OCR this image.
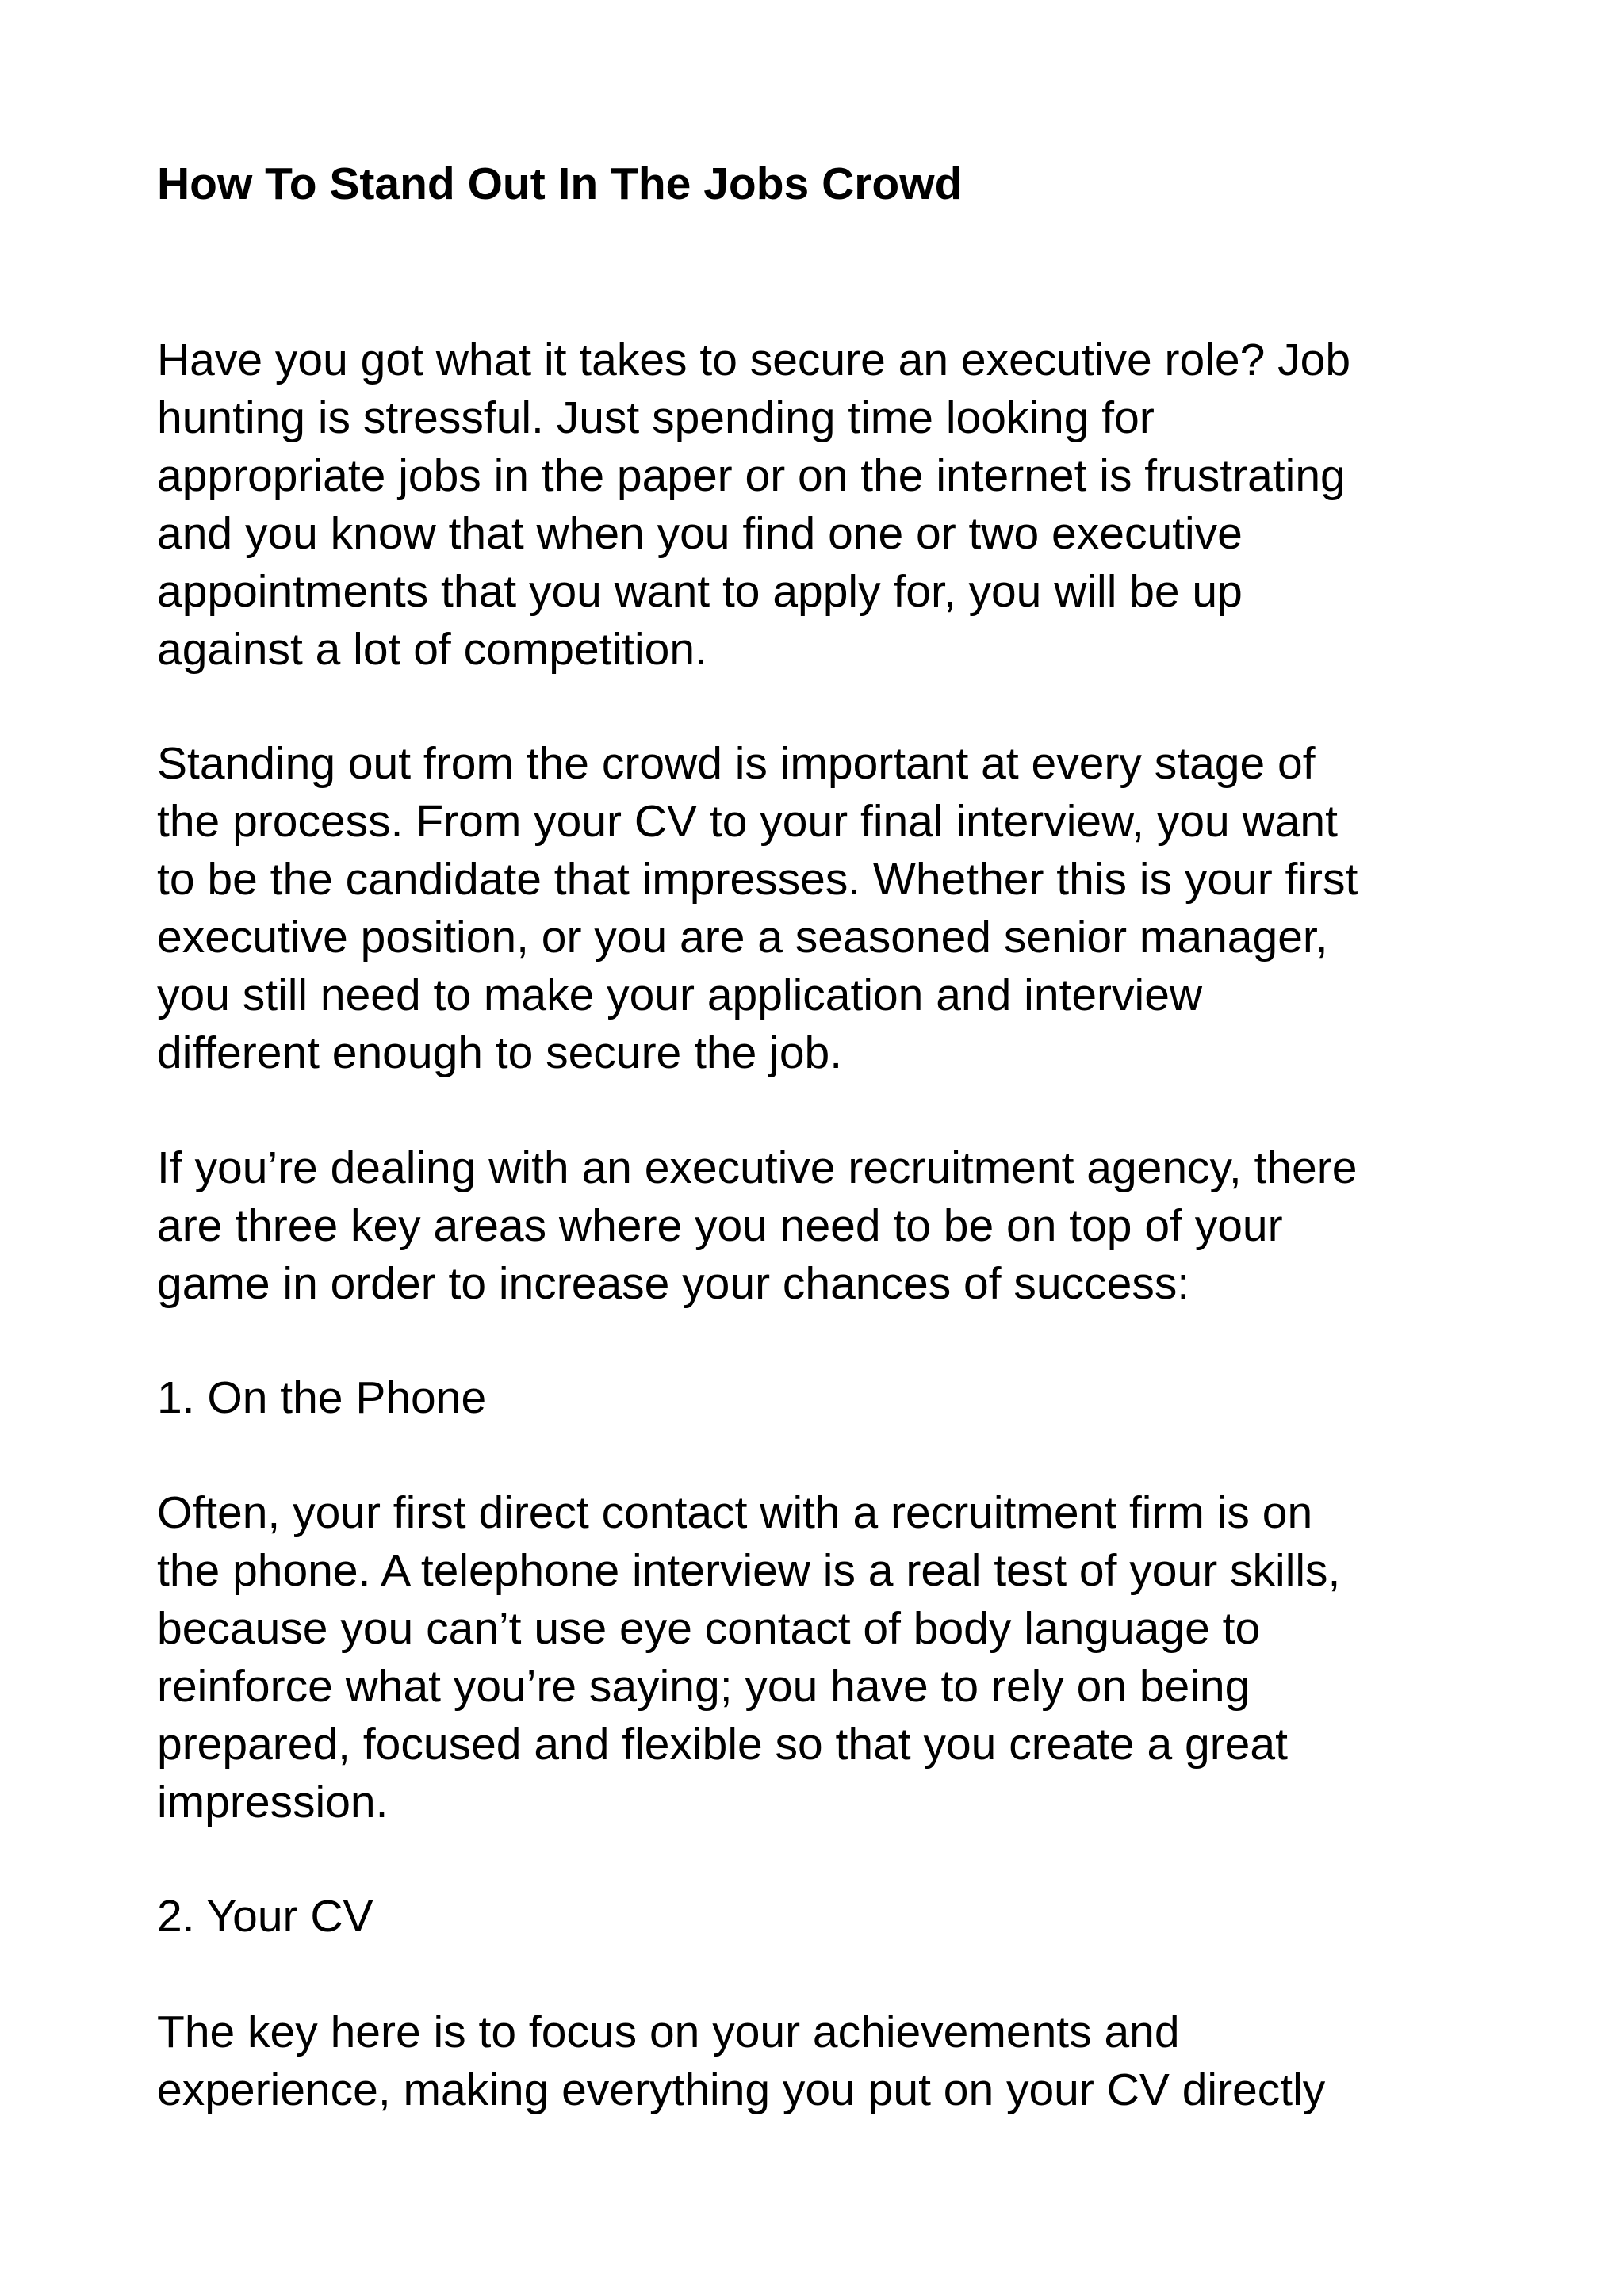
How To Stand Out In The Jobs Crowd

Have you got what it takes to secure an executive role? Job
hunting is stressful. Just spending time looking for
appropriate jobs in the paper or on the internet is frustrating
and you know that when you find one or two executive
appointments that you want to apply for, you will be up
against a lot of competition.

Standing out from the crowd is important at every stage of
the process. From your CV to your final interview, you want
to be the candidate that impresses. Whether this is your first
executive position, or you are a seasoned senior manager,
you still need to make your application and interview
different enough to secure the job.

If you’re dealing with an executive recruitment agency, there
are three key areas where you need to be on top of your
game in order to increase your chances of success:

1. On the Phone

Often, your first direct contact with a recruitment firm is on
the phone. A telephone interview is a real test of your skills,
because you can’t use eye contact of body language to
reinforce what you’re saying; you have to rely on being
prepared, focused and flexible so that you create a great
impression.

2. Your CV

The key here is to focus on your achievements and
experience, making everything you put on your CV directly
